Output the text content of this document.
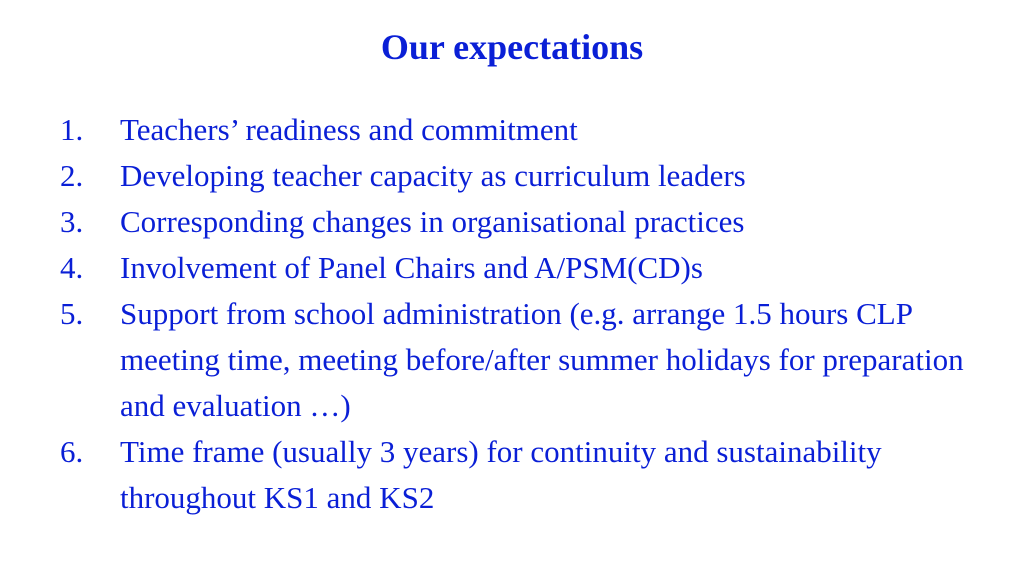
Our expectations
1.	Teachers’ readiness and commitment
2.	Developing teacher capacity as curriculum leaders
3.	Corresponding changes in organisational practices
4.	Involvement of Panel Chairs and A/PSM(CD)s
5.	Support from school administration (e.g. arrange 1.5 hours CLP meeting time, meeting before/after summer holidays for preparation and evaluation …)
6.	Time frame (usually 3 years) for continuity and sustainability throughout KS1 and KS2
